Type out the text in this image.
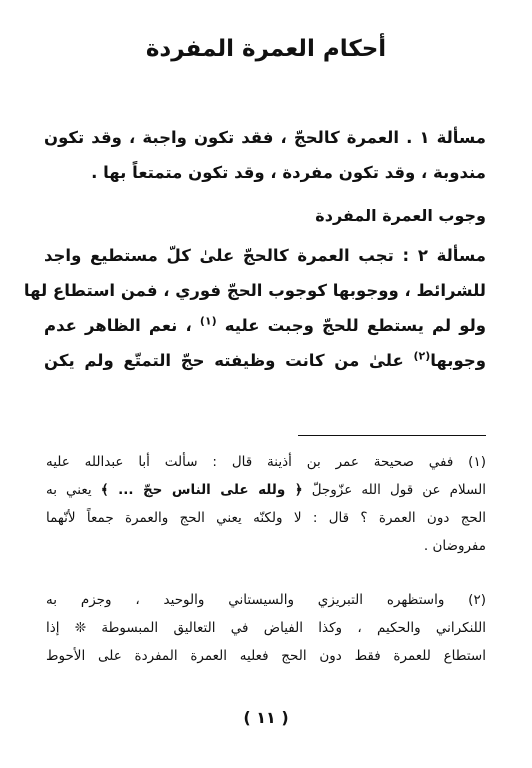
أحكام العمرة المفردة
مسألة ١ . العمرة كالحجّ ، فقد تكون واجبة ، وقد تكون
مندوبة ، وقد تكون مفردة ، وقد تكون متمتعاً بها .
وجوب العمرة المفردة
مسألة ٢ : تجب العمرة كالحجّ علىٰ كلّ مستطيع واجد
للشرائط ، ووجوبها كوجوب الحجّ فوري ، فمن استطاع لها
ولو لم يستطع للحجّ وجبت عليه $^{(١)}$ ، نعم الظاهر عدم
وجوبها$^{(٢)}$ علىٰ من كانت وظيفته حجّ التمتّع ولم يكن
(١) ففي صحيحة عمر بن أذينة قال : سألت أبا عبدالله عليه
السلام عن قول الله عزّوجلّ ﴿ ولله على الناس حجّ ... ﴾ يعني به
الحج دون العمرة ؟ قال : لا ولكنّه يعني الحج والعمرة جمعاً لأنّهما
مفروضان .
(٢) واستظهره التبريزي والسيستاني والوحيد ، وجزم به
اللنكراني والحكيم ، وكذا الفياض في التعاليق المبسوطة ❊ إذا
استطاع للعمرة فقط دون الحج فعليه العمرة المفردة على الأحوط
( ١١ )
